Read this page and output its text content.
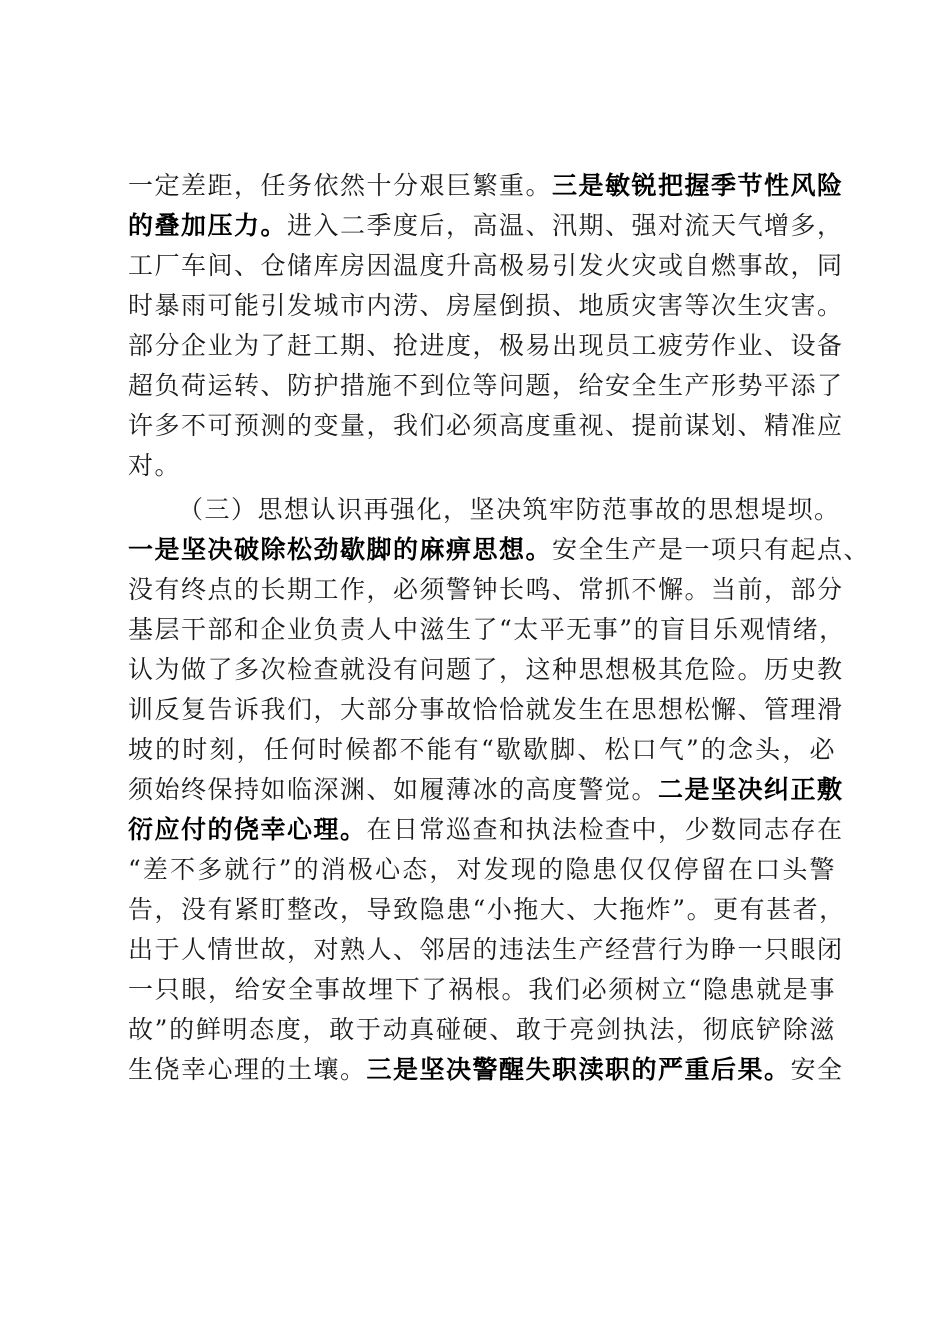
一定差距，任务依然十分艰巨繁重。三是敏锐把握季节性风险
的叠加压力。进入二季度后，高温、汛期、强对流天气增多，
工厂车间、仓储库房因温度升高极易引发火灾或自燃事故，同
时暴雨可能引发城市内涝、房屋倒损、地质灾害等次生灾害。
部分企业为了赶工期、抢进度，极易出现员工疲劳作业、设备
超负荷运转、防护措施不到位等问题，给安全生产形势平添了
许多不可预测的变量，我们必须高度重视、提前谋划、精准应
对。
（三）思想认识再强化，坚决筑牢防范事故的思想堤坝。
一是坚决破除松劲歇脚的麻痹思想。安全生产是一项只有起点、
没有终点的长期工作，必须警钟长鸣、常抓不懈。当前，部分
基层干部和企业负责人中滋生了“太平无事”的盲目乐观情绪，
认为做了多次检查就没有问题了，这种思想极其危险。历史教
训反复告诉我们，大部分事故恰恰就发生在思想松懈、管理滑
坡的时刻，任何时候都不能有“歇歇脚、松口气”的念头，必
须始终保持如临深渊、如履薄冰的高度警觉。二是坚决纠正敷
衍应付的侥幸心理。在日常巡查和执法检查中，少数同志存在
“差不多就行”的消极心态，对发现的隐患仅仅停留在口头警
告，没有紧盯整改，导致隐患“小拖大、大拖炸”。更有甚者，
出于人情世故，对熟人、邻居的违法生产经营行为睁一只眼闭
一只眼，给安全事故埋下了祸根。我们必须树立“隐患就是事
故”的鲜明态度，敢于动真碰硬、敢于亮剑执法，彻底铲除滋
生侥幸心理的土壤。三是坚决警醒失职渎职的严重后果。安全
